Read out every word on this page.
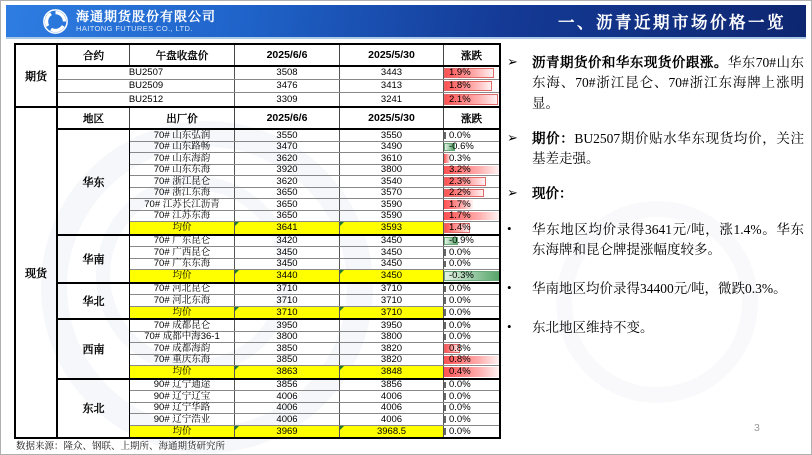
海通期货股份有限公司
HAITONG FUTURES CO., LTD.	一、沥青近期市场价格一览
期货
合约	午盘收盘价	2025/6/6	2025/5/30	涨跌
BU2507	3508	3443	1.9%
BU2509	3476	3413	1.8%
BU2512	3309	3241	2.1%
现货
地区	出厂价	2025/6/6	2025/5/30	涨跌
华东
70# 山东弘润	3550	3550	0.0%
70# 山东路畅	3470	3490	-0.6%
70# 山东海韵	3620	3610	0.3%
70# 山东东海	3920	3800	3.2%
70# 浙江昆仑	3620	3540	2.3%
70# 浙江东海	3650	3570	2.2%
70# 江苏长江沥青	3650	3590	1.7%
70# 江苏东海	3650	3590	1.7%
均价	3641	3593	1.4%
华南
70# 广东昆仑	3420	3450	-0.9%
70# 广西昆仑	3450	3450	0.0%
70# 广东东海	3450	3450	0.0%
均价	3440	3450	-0.3%
华北
70# 河北昆仑	3710	3710	0.0%
70# 河北东海	3710	3710	0.0%
均价	3710	3710	0.0%
西南
70# 成都昆仑	3950	3950	0.0%
70# 成都中海36-1	3800	3800	0.0%
70# 成都海韵	3850	3820	0.8%
70# 重庆东海	3850	3820	0.8%
均价	3863	3848	0.4%
东北
90# 辽宁通途	3856	3856	0.0%
90# 辽宁辽宝	4006	4006	0.0%
90# 辽宁华路	4006	4006	0.0%
90# 辽宁浩业	4006	4006	0.0%
均价	3969	3968.5	0.0%
➢	沥青期货价和华东现货价跟涨。华东70#山东东海、70#浙江昆仑、70#浙江东海牌上涨明显。
➢	期价：BU2507期价贴水华东现货均价，关注基差走强。
➢	现价：
•	华东地区均价录得3641元/吨，涨1.4%。华东东海牌和昆仑牌提涨幅度较多。
•	华南地区均价录得34400元/吨，微跌0.3%。
•	东北地区维持不变。
数据来源：隆众、钢联、上期所、海通期货研究所
3
